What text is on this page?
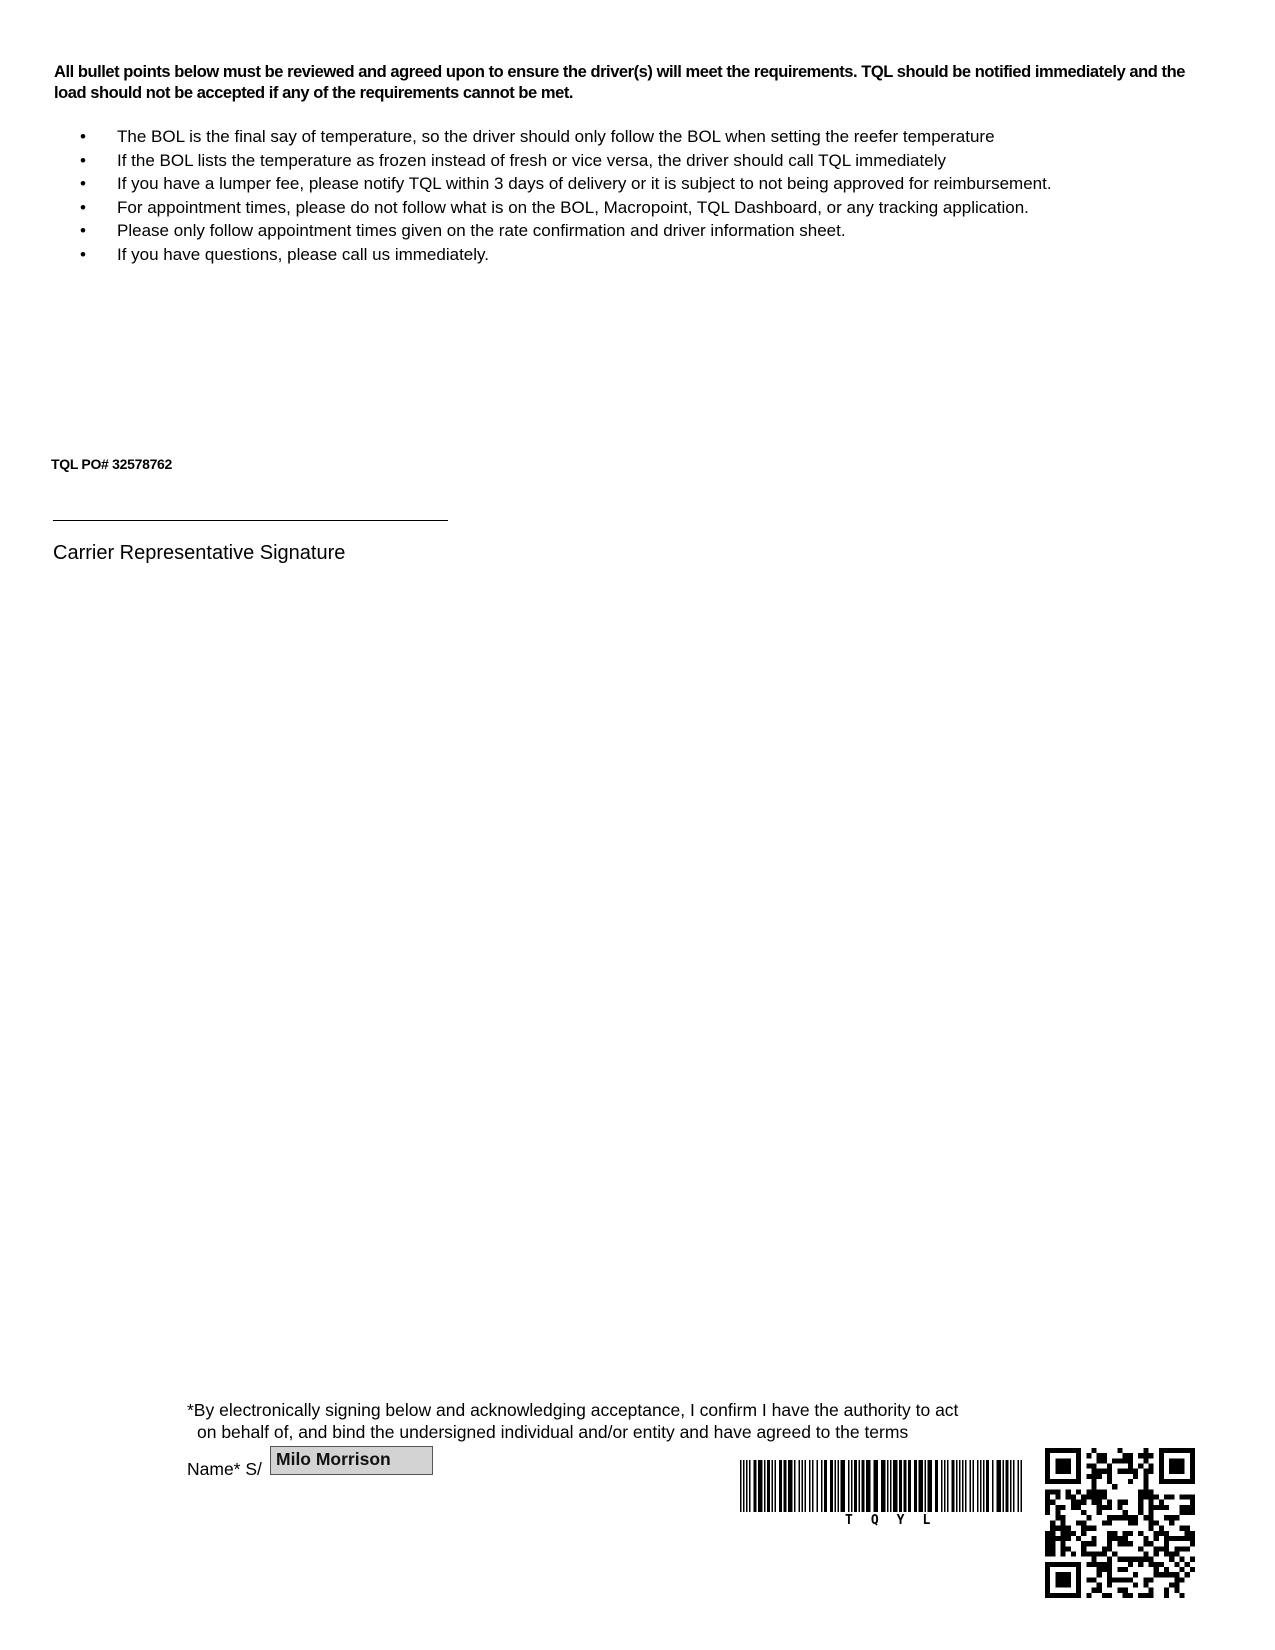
All bullet points below must be reviewed and agreed upon to ensure the driver(s) will meet the requirements. TQL should be notified immediately and the load should not be accepted if any of the requirements cannot be met.
• The BOL is the final say of temperature, so the driver should only follow the BOL when setting the reefer temperature
• If the BOL lists the temperature as frozen instead of fresh or vice versa, the driver should call TQL immediately
• If you have a lumper fee, please notify TQL within 3 days of delivery or it is subject to not being approved for reimbursement.
• For appointment times, please do not follow what is on the BOL, Macropoint, TQL Dashboard, or any tracking application.
• Please only follow appointment times given on the rate confirmation and driver information sheet.
• If you have questions, please call us immediately.
TQL PO# 32578762
Carrier Representative Signature
*By electronically signing below and acknowledging acceptance, I confirm I have the authority to act
on behalf of, and bind the undersigned individual and/or entity and have agreed to the terms
Name* S/ Milo Morrison
TQYL
